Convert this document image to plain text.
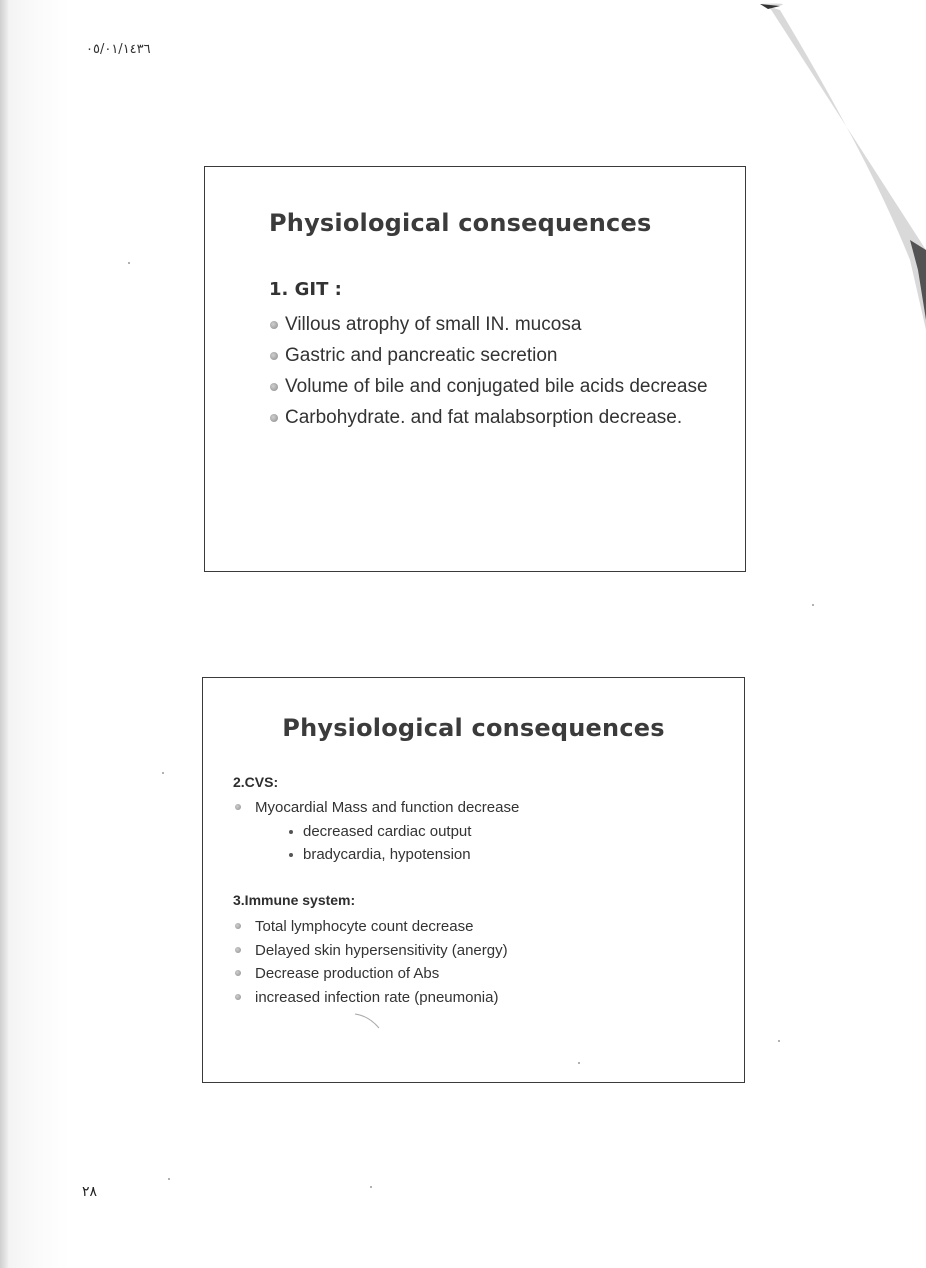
٠٥/٠١/١٤٣٦
Physiological consequences
1. GIT :
Villous atrophy of small IN. mucosa
Gastric and pancreatic secretion
Volume of bile and conjugated bile acids decrease
Carbohydrate. and fat malabsorption decrease.
Physiological consequences
2.CVS:
Myocardial Mass and function decrease
decreased cardiac output
bradycardia, hypotension
3.Immune system:
Total lymphocyte count decrease
Delayed skin hypersensitivity (anergy)
Decrease production of Abs
increased infection rate (pneumonia)
٢٨
